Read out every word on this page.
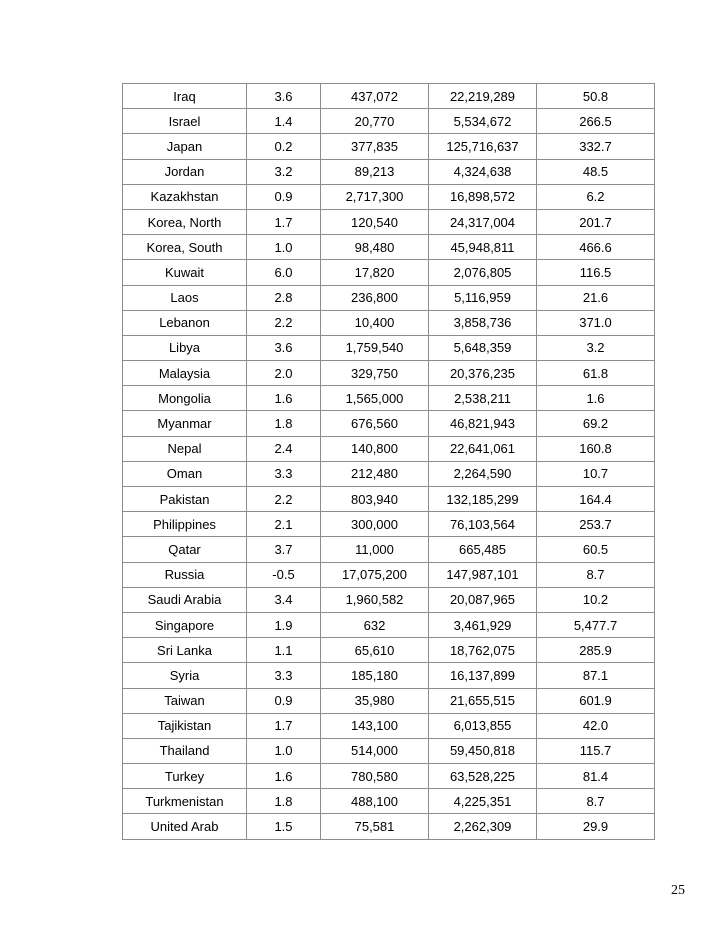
Iraq	3.6	437,072	22,219,289	50.8
Israel	1.4	20,770	5,534,672	266.5
Japan	0.2	377,835	125,716,637	332.7
Jordan	3.2	89,213	4,324,638	48.5
Kazakhstan	0.9	2,717,300	16,898,572	6.2
Korea, North	1.7	120,540	24,317,004	201.7
Korea, South	1.0	98,480	45,948,811	466.6
Kuwait	6.0	17,820	2,076,805	116.5
Laos	2.8	236,800	5,116,959	21.6
Lebanon	2.2	10,400	3,858,736	371.0
Libya	3.6	1,759,540	5,648,359	3.2
Malaysia	2.0	329,750	20,376,235	61.8
Mongolia	1.6	1,565,000	2,538,211	1.6
Myanmar	1.8	676,560	46,821,943	69.2
Nepal	2.4	140,800	22,641,061	160.8
Oman	3.3	212,480	2,264,590	10.7
Pakistan	2.2	803,940	132,185,299	164.4
Philippines	2.1	300,000	76,103,564	253.7
Qatar	3.7	11,000	665,485	60.5
Russia	-0.5	17,075,200	147,987,101	8.7
Saudi Arabia	3.4	1,960,582	20,087,965	10.2
Singapore	1.9	632	3,461,929	5,477.7
Sri Lanka	1.1	65,610	18,762,075	285.9
Syria	3.3	185,180	16,137,899	87.1
Taiwan	0.9	35,980	21,655,515	601.9
Tajikistan	1.7	143,100	6,013,855	42.0
Thailand	1.0	514,000	59,450,818	115.7
Turkey	1.6	780,580	63,528,225	81.4
Turkmenistan	1.8	488,100	4,225,351	8.7
United Arab	1.5	75,581	2,262,309	29.9
25
